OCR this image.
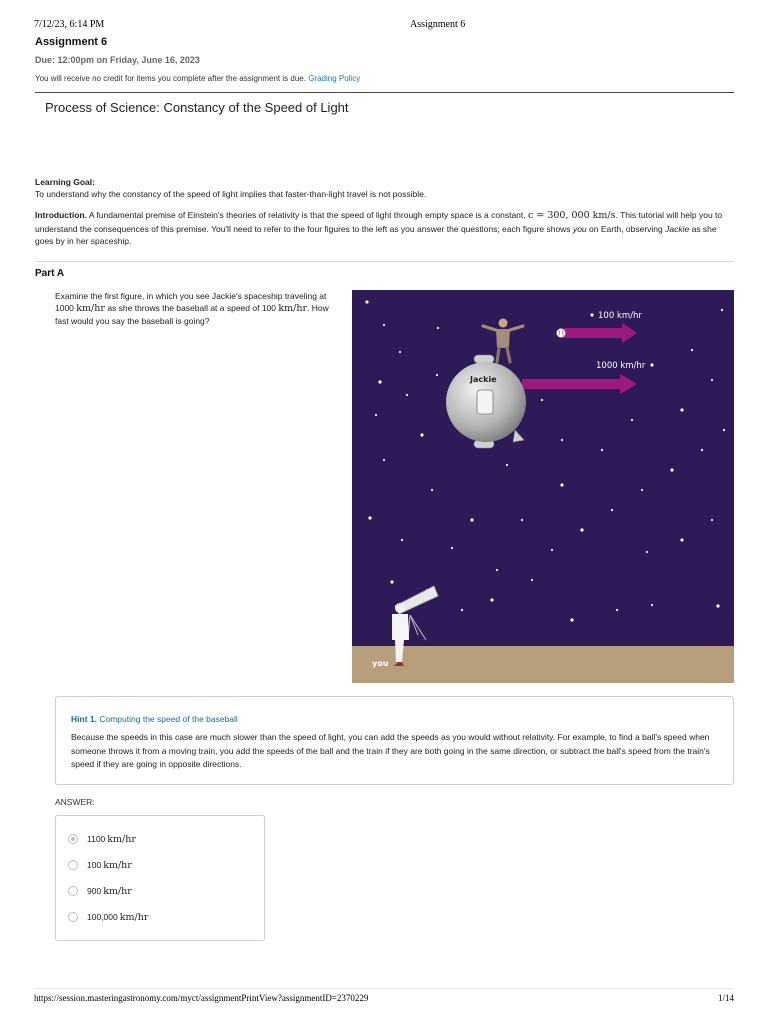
7/12/23, 6:14 PM	Assignment 6
Assignment 6
Due: 12:00pm on Friday, June 16, 2023
You will receive no credit for items you complete after the assignment is due. Grading Policy
Process of Science: Constancy of the Speed of Light
Learning Goal:
To understand why the constancy of the speed of light implies that faster-than-light travel is not possible.
Introduction. A fundamental premise of Einstein's theories of relativity is that the speed of light through empty space is a constant, c = 300, 000 km/s. This tutorial will help you to understand the consequences of this premise. You'll need to refer to the four figures to the left as you answer the questions; each figure shows you on Earth, observing Jackie as she goes by in her spaceship.
Part A
Examine the first figure, in which you see Jackie's spaceship traveling at 1000 km/hr as she throws the baseball at a speed of 100 km/hr. How fast would you say the baseball is going?	100 km/hr
1000 km/hr
Jackie
you
Hint 1. Computing the speed of the baseball
Because the speeds in this case are much slower than the speed of light, you can add the speeds as you would without relativity. For example, to find a ball's speed when someone throws it from a moving train, you add the speeds of the ball and the train if they are both going in the same direction, or subtract the ball's speed from the train's speed if they are going in opposite directions.
ANSWER:
1100 km/hr
100 km/hr
900 km/hr
100,000 km/hr
https://session.masteringastronomy.com/myct/assignmentPrintView?assignmentID=2370229	1/14
